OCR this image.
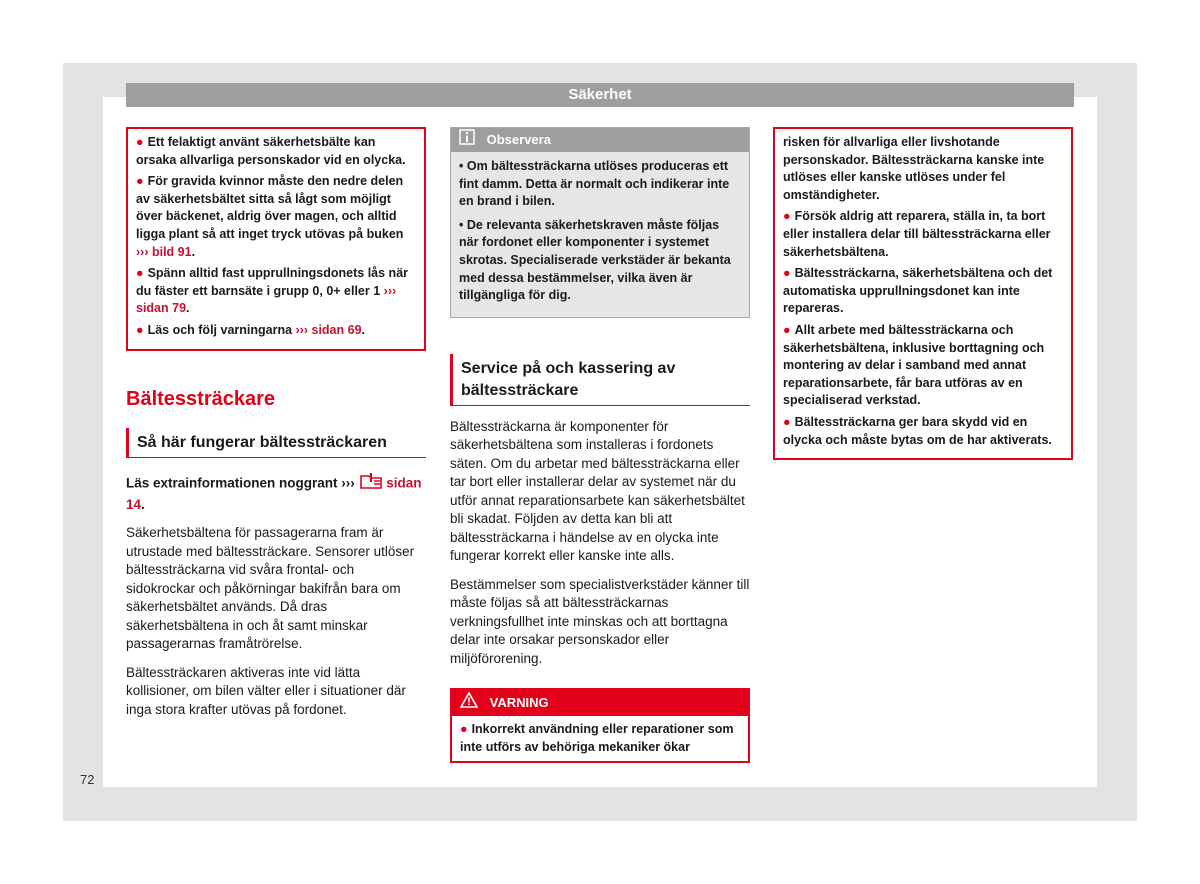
Säkerhet
● Ett felaktigt använt säkerhetsbälte kan orsaka allvarliga personskador vid en olycka.
● För gravida kvinnor måste den nedre delen av säkerhetsbältet sitta så lågt som möjligt över bäckenet, aldrig över magen, och alltid ligga plant så att inget tryck utövas på buken ››› bild 91.
● Spänn alltid fast upprullningsdonets lås när du fäster ett barnsäte i grupp 0, 0+ eller 1 ››› sidan 79.
● Läs och följ varningarna ››› sidan 69.
Bältessträckare
Så här fungerar bältessträckaren

Läs extrainformationen noggrant ››› sidan 14.

Säkerhetsbältena för passagerarna fram är utrustade med bältessträckare. Sensorer utlöser bältessträckarna vid svåra frontal- och sidokrockar och påkörningar bakifrån bara om säkerhetsbältet används. Då dras säkerhetsbältena in och åt samt minskar passagerarnas framåtrörelse.

Bältessträckaren aktiveras inte vid lätta kollisioner, om bilen välter eller i situationer där inga stora krafter utövas på fordonet.

Observera
• Om bältessträckarna utlöses produceras ett fint damm. Detta är normalt och indikerar inte en brand i bilen.
• De relevanta säkerhetskraven måste följas när fordonet eller komponenter i systemet skrotas. Specialiserade verkstäder är bekanta med dessa bestämmelser, vilka även är tillgängliga för dig.
Service på och kassering av bältessträckare

Bältessträckarna är komponenter för säkerhetsbältena som installeras i fordonets säten. Om du arbetar med bältessträckarna eller tar bort eller installerar delar av systemet när du utför annat reparationsarbete kan säkerhetsbältet bli skadat. Följden av detta kan bli att bältessträckarna i händelse av en olycka inte fungerar korrekt eller kanske inte alls.

Bestämmelser som specialistverkstäder känner till måste följas så att bältessträckarnas verkningsfullhet inte minskas och att borttagna delar inte orsakar personskador eller miljöförorening.

VARNING
● Inkorrekt användning eller reparationer som inte utförs av behöriga mekaniker ökar
risken för allvarliga eller livshotande personskador. Bältessträckarna kanske inte utlöses eller kanske utlöses under fel omständigheter.
● Försök aldrig att reparera, ställa in, ta bort eller installera delar till bältessträckarna eller säkerhetsbältena.
● Bältessträckarna, säkerhetsbältena och det automatiska upprullningsdonet kan inte repareras.
● Allt arbete med bältessträckarna och säkerhetsbältena, inklusive borttagning och montering av delar i samband med annat reparationsarbete, får bara utföras av en specialiserad verkstad.
● Bältessträckarna ger bara skydd vid en olycka och måste bytas om de har aktiverats.
72
